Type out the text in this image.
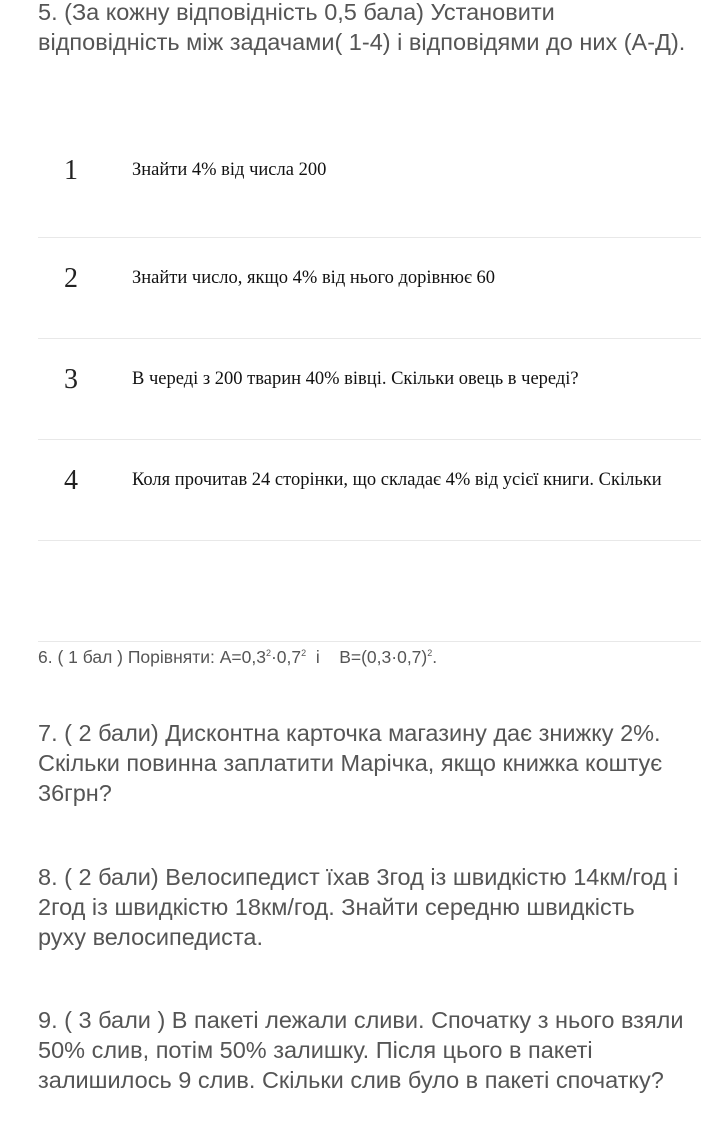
5. (За кожну відповідність 0,5 бала) Установити відповідність між задачами( 1-4) і відповідями до них (А-Д).
1	Знайти 4% від числа 200
2	Знайти число, якщо 4% від нього дорівнює 60
3	В череді з 200 тварин 40% вівці. Скільки овець в череді?
4	Коля прочитав 24 сторінки, що складає 4% від усієї книги. Скільки
6. ( 1 бал ) Порівняти: $A=0,3^2\cdot 0,7^2$  і    $B=(0,3\cdot 0,7)^2$.
7. ( 2 бали) Дисконтна карточка магазину дає знижку 2%. Скільки повинна заплатити Марічка, якщо книжка коштує 36грн?
8. ( 2 бали) Велосипедист їхав 3год із швидкістю 14км/год і 2год із швидкістю 18км/год. Знайти середню швидкість руху велосипедиста.
9. ( 3 бали ) В пакеті лежали сливи. Спочатку з нього взяли 50% слив, потім 50% залишку. Після цього в пакеті залишилось 9 слив. Скільки слив було в пакеті спочатку?
